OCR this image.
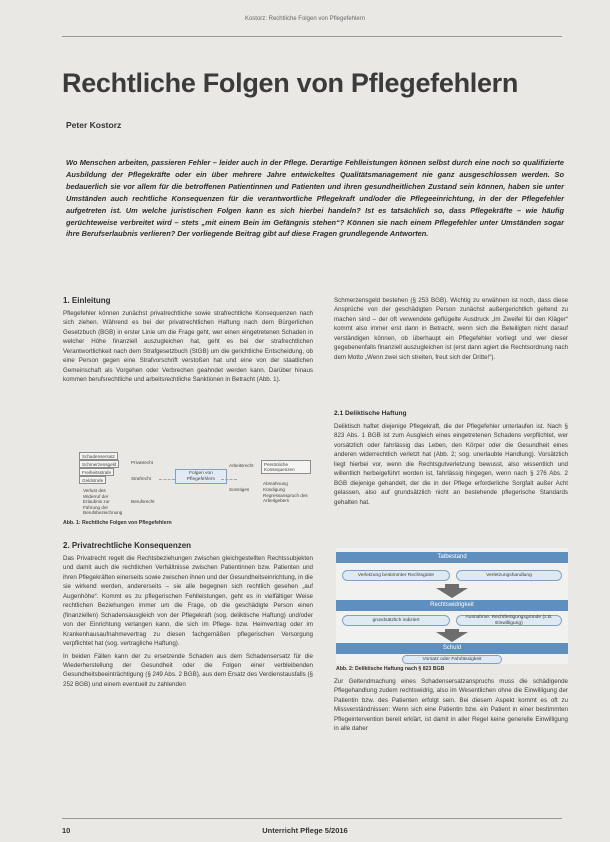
Kostorz: Rechtliche Folgen von Pflegefehlern
Rechtliche Folgen von Pflegefehlern
Peter Kostorz
Wo Menschen arbeiten, passieren Fehler – leider auch in der Pflege. Derartige Fehlleistungen können selbst durch eine noch so qualifizierte Ausbildung der Pflegekräfte oder ein über mehrere Jahre entwickeltes Qualitätsmanagement nie ganz ausgeschlossen werden. So bedauerlich sie vor allem für die betroffenen Patientinnen und Patienten und ihren gesundheitlichen Zustand sein können, haben sie unter Umständen auch rechtliche Konsequenzen für die verantwortliche Pflegekraft und/oder die Pflegeeinrichtung, in der der Pflegefehler aufgetreten ist. Um welche juristischen Folgen kann es sich hierbei handeln? Ist es tatsächlich so, dass Pflegekräfte – wie häufig gerüchteweise verbreitet wird – stets „mit einem Bein im Gefängnis stehen“? Können sie nach einem Pflegefehler unter Umständen sogar ihre Berufserlaubnis verlieren? Der vorliegende Beitrag gibt auf diese Fragen grundlegende Antworten.
1. Einleitung

Pflegefehler können zunächst privatrechtliche sowie strafrechtliche Konsequenzen nach sich ziehen. Während es bei der privatrechtlichen Haftung nach dem Bürgerlichen Gesetzbuch (BGB) in erster Linie um die Frage geht, wer einen eingetretenen Schaden in welcher Höhe finanziell auszugleichen hat, geht es bei der strafrechtlichen Verantwortlichkeit nach dem Strafgesetzbuch (StGB) um die gerichtliche Entscheidung, ob eine Person gegen eine Strafvorschrift verstoßen hat und eine von der staatlichen Gemeinschaft als Vorgehen oder Verbrechen geahndet werden kann. Darüber hinaus kommen berufsrechtliche und arbeitsrechtliche Sanktionen in Betracht (Abb. 1).

Schadensersatz
Schmerzensgeld	Privatrecht
Freiheitsstrafe
Geldstrafe	Strafrecht
Verlust des
Widerruf der Erlaubnis zur Führung der Berufsbezeichnung
Berufsrecht
Folgen von Pflegefehlern
Arbeitsrecht	Persönliche Konsequenzen
Sonstiges
Abmahnung
Kündigung
Regressanspruch des Arbeitgebers
Abb. 1: Rechtliche Folgen von Pflegefehlern
2. Privatrechtliche Konsequenzen

Das Privatrecht regelt die Rechtsbeziehungen zwischen gleichgestellten Rechtssubjekten und damit auch die rechtlichen Verhältnisse zwischen Patientinnen bzw. Patienten und ihren Pflegekräften einerseits sowie zwischen ihnen und der Gesundheitseinrichtung, in die sie wirkend werden, andererseits – sie alle begegnen sich rechtlich gesehen „auf Augenhöhe“. Kommt es zu pflegerischen Fehlleistungen, geht es in vielfältiger Weise rechtlichen Beziehungen immer um die Frage, ob die geschädigte Person einen (finanziellen) Schadensausgleich von der Pflegekraft (sog. deliktische Haftung) und/oder von der Einrichtung verlangen kann, die sich im Pflege- bzw. Heimvertrag oder im Krankenhausaufnahmevertrag zu diesen fachgemäßen pflegerischen Versorgung verpflichtet hat (sog. vertragliche Haftung).

In beiden Fällen kann der zu ersetzende Schaden aus dem Schadensersatz für die Wiederherstellung der Gesundheit oder die Folgen einer verbleibenden Gesundheitsbeeinträchtigung (§ 249 Abs. 2 BGB), aus dem Ersatz des Verdienstausfalls (§ 252 BGB) und einem eventuell zu zahlenden

Schmerzensgeld bestehen (§ 253 BGB). Wichtig zu erwähnen ist noch, dass diese Ansprüche von der geschädigten Person zunächst außergerichtlich geltend zu machen sind – der oft verwendete geflügelte Ausdruck „Im Zweifel für den Kläger“ kommt also immer erst dann in Betracht, wenn sich die Beteiligten nicht darauf verständigen können, ob überhaupt ein Pflegefehler vorliegt und wer dieser gegebenenfalls finanziell auszugleichen ist (erst dann agiert die Rechtsordnung nach dem Motto „Wenn zwei sich streiten, freut sich der Dritte!“).

2.1 Deliktische Haftung

Deliktisch haftet diejenige Pflegekraft, die der Pflegefehler unterlaufen ist. Nach § 823 Abs. 1 BGB ist zum Ausgleich eines eingetretenen Schadens verpflichtet, wer vorsätzlich oder fahrlässig das Leben, den Körper oder die Gesundheit eines anderen widerrechtlich verletzt hat (Abb. 2; sog. unerlaubte Handlung). Vorsätzlich liegt hierbei vor, wenn die Rechtsgutverletzung bewusst, also wissentlich und willentlich herbeigeführt worden ist, fahrlässig hingegen, wenn nach § 276 Abs. 2 BGB diejenige gehandelt, der die in der Pflege erforderliche Sorgfalt außer Acht gelassen, also auf grundsätzlich nicht an bestehende pflegerische Standards gehalten hat.

Tatbestand
Verletzung bestimmter Rechtsgüter	Verletzungshandlung
Rechtswidrigkeit
grundsätzlich indiziert
Ausnahme: Rechtfertigungsgründe (z.B. Einwilligung)
Schuld
Vorsatz oder Fahrlässigkeit
Abb. 2: Deliktische Haftung nach § 823 BGB

Zur Geltendmachung eines Schadensersatzanspruchs muss die schädigende Pflegehandlung zudem rechtswidrig, also im Wesentlichen ohne die Einwilligung der Patientin bzw. des Patienten erfolgt sein. Bei diesem Aspekt kommt es oft zu Missverständnissen: Wenn sich eine Patientin bzw. ein Patient in einer bestimmten Pflegeintervention bereit erklärt, ist damit in aller Regel keine generelle Einwilligung in alle daher

10	Unterricht Pflege 5/2016
